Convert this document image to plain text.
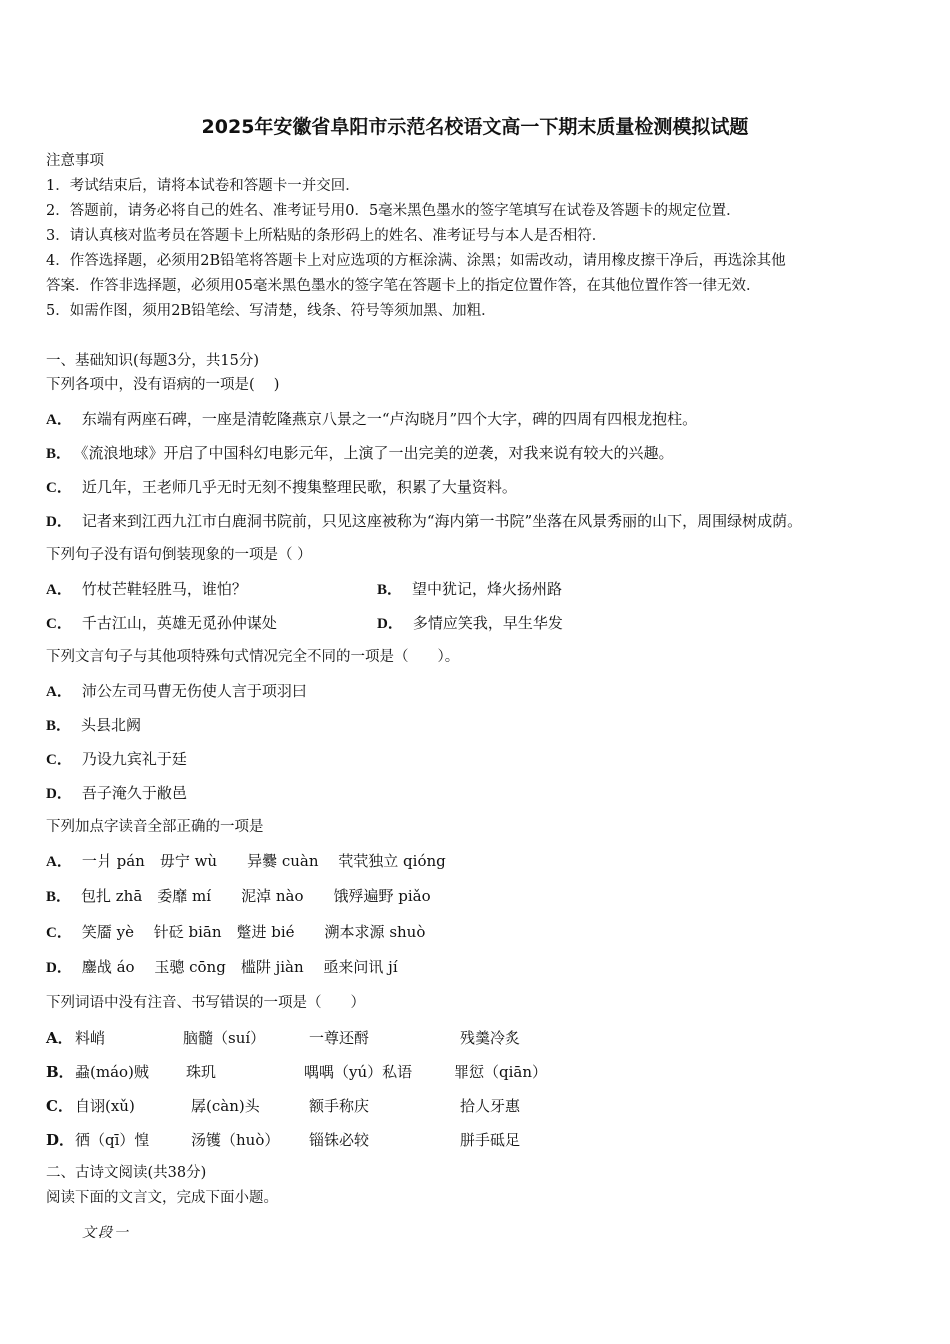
2025年安徽省阜阳市示范名校语文高一下期末质量检测模拟试题
注意事项
1．考试结束后，请将本试卷和答题卡一并交回．
2．答题前，请务必将自己的姓名、准考证号用0．5毫米黑色墨水的签字笔填写在试卷及答题卡的规定位置．
3．请认真核对监考员在答题卡上所粘贴的条形码上的姓名、准考证号与本人是否相符．
4．作答选择题，必须用2B铅笔将答题卡上对应选项的方框涂满、涂黑；如需改动，请用橡皮擦干净后，再选涂其他
答案．作答非选择题，必须用05毫米黑色墨水的签字笔在答题卡上的指定位置作答，在其他位置作答一律无效．
5．如需作图，须用2B铅笔绘、写清楚，线条、符号等须加黑、加粗．
一、基础知识(每题3分，共15分)
下列各项中，没有语病的一项是(　 )
A． 东端有两座石碑，一座是清乾隆燕京八景之一“卢沟晓月”四个大字，碑的四周有四根龙抱柱。
B． 《流浪地球》开启了中国科幻电影元年，上演了一出完美的逆袭，对我来说有较大的兴趣。
C． 近几年，王老师几乎无时无刻不搜集整理民歌，积累了大量资料。
D． 记者来到江西九江市白鹿洞书院前，只见这座被称为“海内第一书院”坐落在风景秀丽的山下，周围绿树成荫。
下列句子没有语句倒装现象的一项是（ ）
A． 竹杖芒鞋轻胜马，谁怕？	B． 望中犹记，烽火扬州路
C． 千古江山，英雄无觅孙仲谋处	D． 多情应笑我，早生华发
下列文言句子与其他项特殊句式情况完全不同的一项是（　　）。
A． 沛公左司马曹无伤使人言于项羽曰
B． 头县北阙
C． 乃设九宾礼于廷
D． 吾子淹久于敝邑
下列加点字读音全部正确的一项是
A． 一爿 pán　毋宁 wù　　异爨 cuàn　 茕茕独立 qióng
B． 包扎 zhā　委靡 mí　　泥淖 nào　　饿殍遍野 piǎo
C． 笑靥 yè　 针砭 biān　蹩进 bié　　溯本求源 shuò
D． 鏖战 áo　 玉骢 cōng　槛阱 jiàn　 亟来问讯 jí
下列词语中没有注音、书写错误的一项是（　　）
A． 料峭	脑髓（suí）	一尊还酹	残羹冷炙
B． 蝨(máo)贼 珠玑	喁喁（yú）私语	罪愆（qiān）
C． 自诩(xǔ)	孱(càn)头	额手称庆	拾人牙惠
D． 徆（qī）惶	汤镬（huò） 锱铢必较	胼手砥足
二、古诗文阅读(共38分)
阅读下面的文言文，完成下面小题。
文段一
